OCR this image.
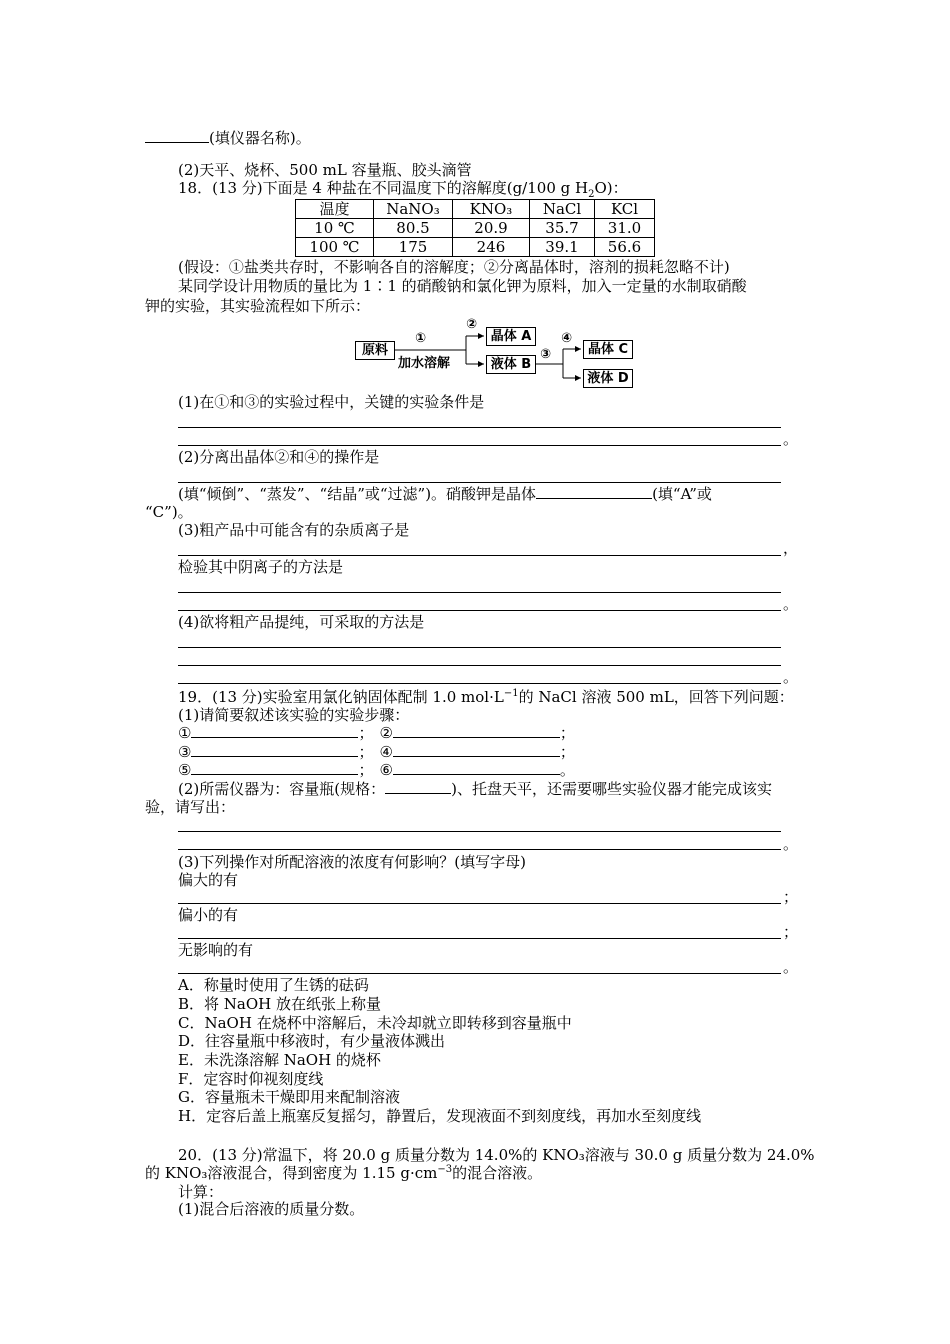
(填仪器名称)。
(2)天平、烧杯、500 mL 容量瓶、胶头滴管
18．(13 分)下面是 4 种盐在不同温度下的溶解度(g/100 g $H_2O$)：
温度	NaNO₃	KNO₃	NaCl	KCl
10 ℃	80.5	20.9	35.7	31.0
100 ℃	175	246	39.1	56.6
(假设：①盐类共存时，不影响各自的溶解度；②分离晶体时，溶剂的损耗忽略不计)
某同学设计用物质的量比为 1∶1 的硝酸钠和氯化钾为原料，加入一定量的水制取硝酸
钾的实验，其实验流程如下所示：
原料
①
加水溶解
②
晶体 A
液体 B
③
④
晶体 C
液体 D
(1)在①和③的实验过程中，关键的实验条件是
。
(2)分离出晶体②和④的操作是
(填“倾倒”、“蒸发”、“结晶”或“过滤”)。硝酸钾是晶体	(填“A”或
“C”)。
(3)粗产品中可能含有的杂质离子是
，
检验其中阴离子的方法是
。
(4)欲将粗产品提纯，可采取的方法是
。
19．(13 分)实验室用氯化钠固体配制 1.0 $mol\cdot L^{-1}$的 NaCl 溶液 500 mL，回答下列问题：
(1)请简要叙述该实验的实验步骤：
①	； ②	；
③	； ④	；
⑤	； ⑥	。
(2)所需仪器为：容量瓶(规格：	)、托盘天平，还需要哪些实验仪器才能完成该实
验，请写出：
。
(3)下列操作对所配溶液的浓度有何影响？(填写字母)
偏大的有
；
偏小的有
；
无影响的有
。
A．称量时使用了生锈的砝码
B．将 NaOH 放在纸张上称量
C．NaOH 在烧杯中溶解后，未冷却就立即转移到容量瓶中
D．往容量瓶中移液时，有少量液体溅出
E．未洗涤溶解 NaOH 的烧杯
F．定容时仰视刻度线
G．容量瓶未干燥即用来配制溶液
H．定容后盖上瓶塞反复摇匀，静置后，发现液面不到刻度线，再加水至刻度线
20．(13 分)常温下，将 20.0 g 质量分数为 14.0%的 KNO₃溶液与 30.0 g 质量分数为 24.0%
的 KNO₃溶液混合，得到密度为 1.15 $g\cdot cm^{-3}$的混合溶液。
计算：
(1)混合后溶液的质量分数。
